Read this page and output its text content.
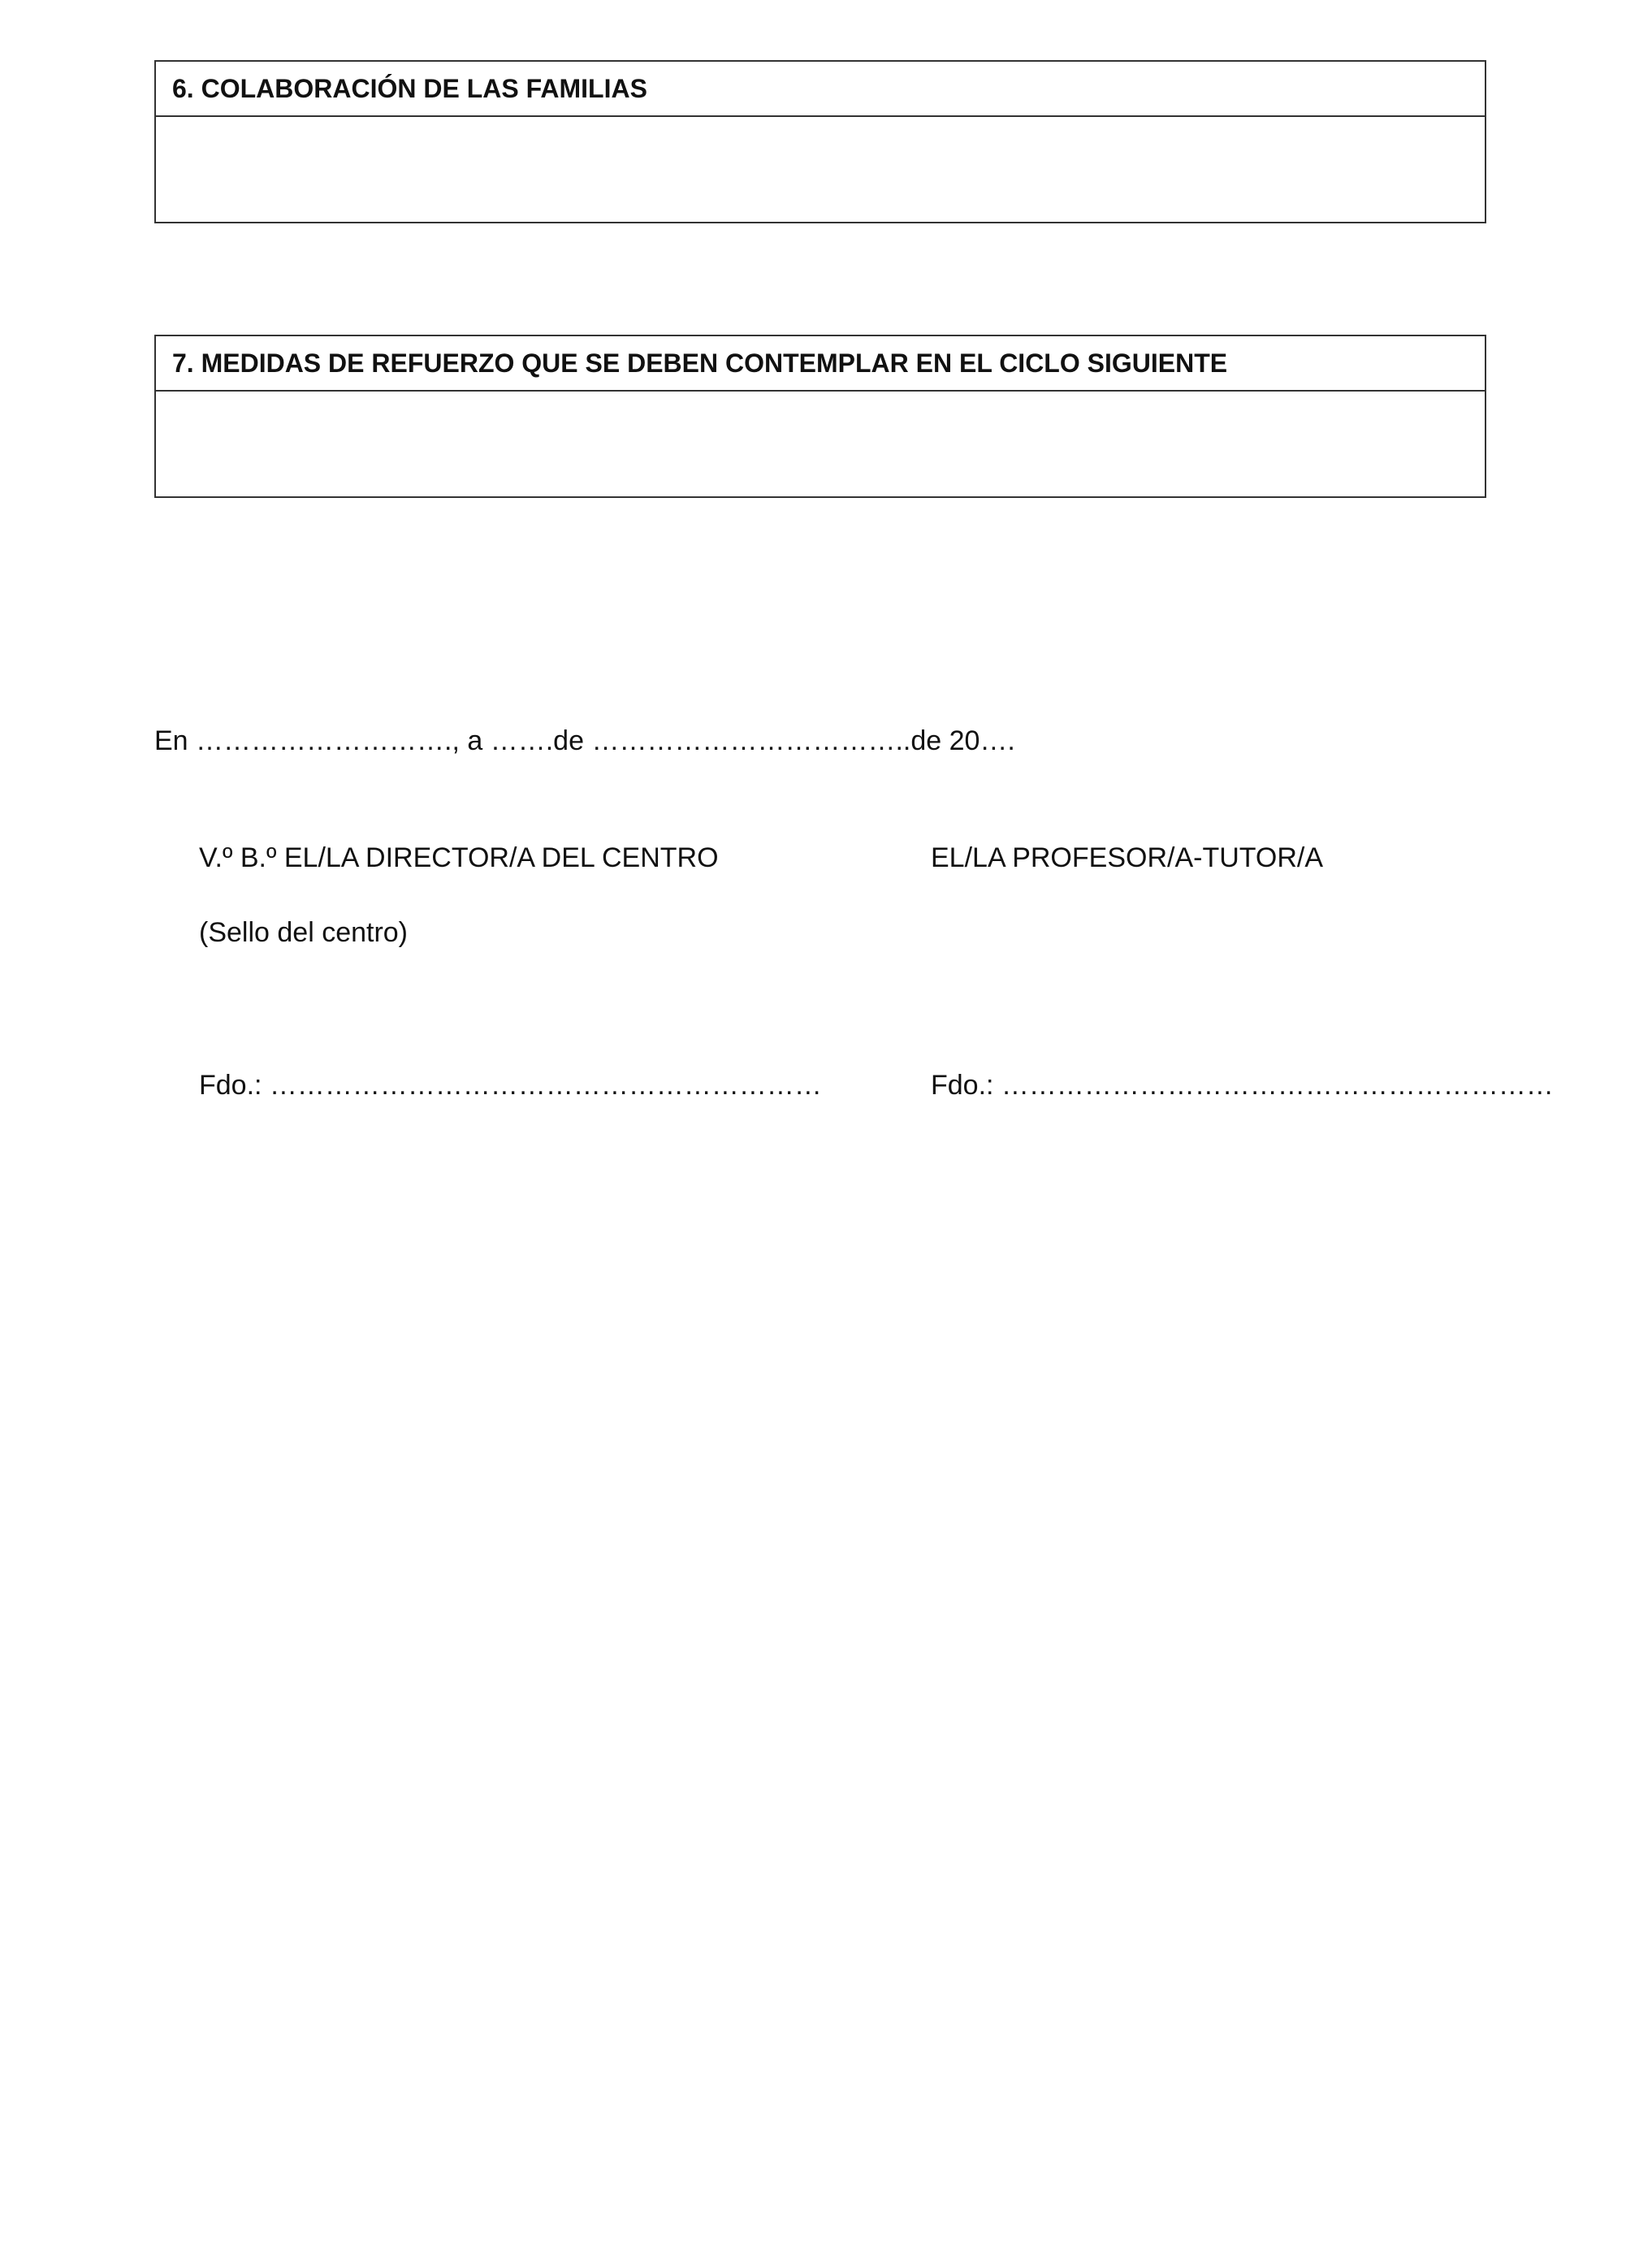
6. COLABORACIÓN DE LAS FAMILIAS
7. MEDIDAS DE REFUERZO QUE SE DEBEN CONTEMPLAR EN EL CICLO SIGUIENTE
En ………………………., a …….de ……………………………..de 20….
V.º B.º EL/LA DIRECTOR/A DEL CENTRO
(Sello del centro)
Fdo.: ……………………………………………………
EL/LA PROFESOR/A-TUTOR/A
Fdo.: ……………………………………………………
